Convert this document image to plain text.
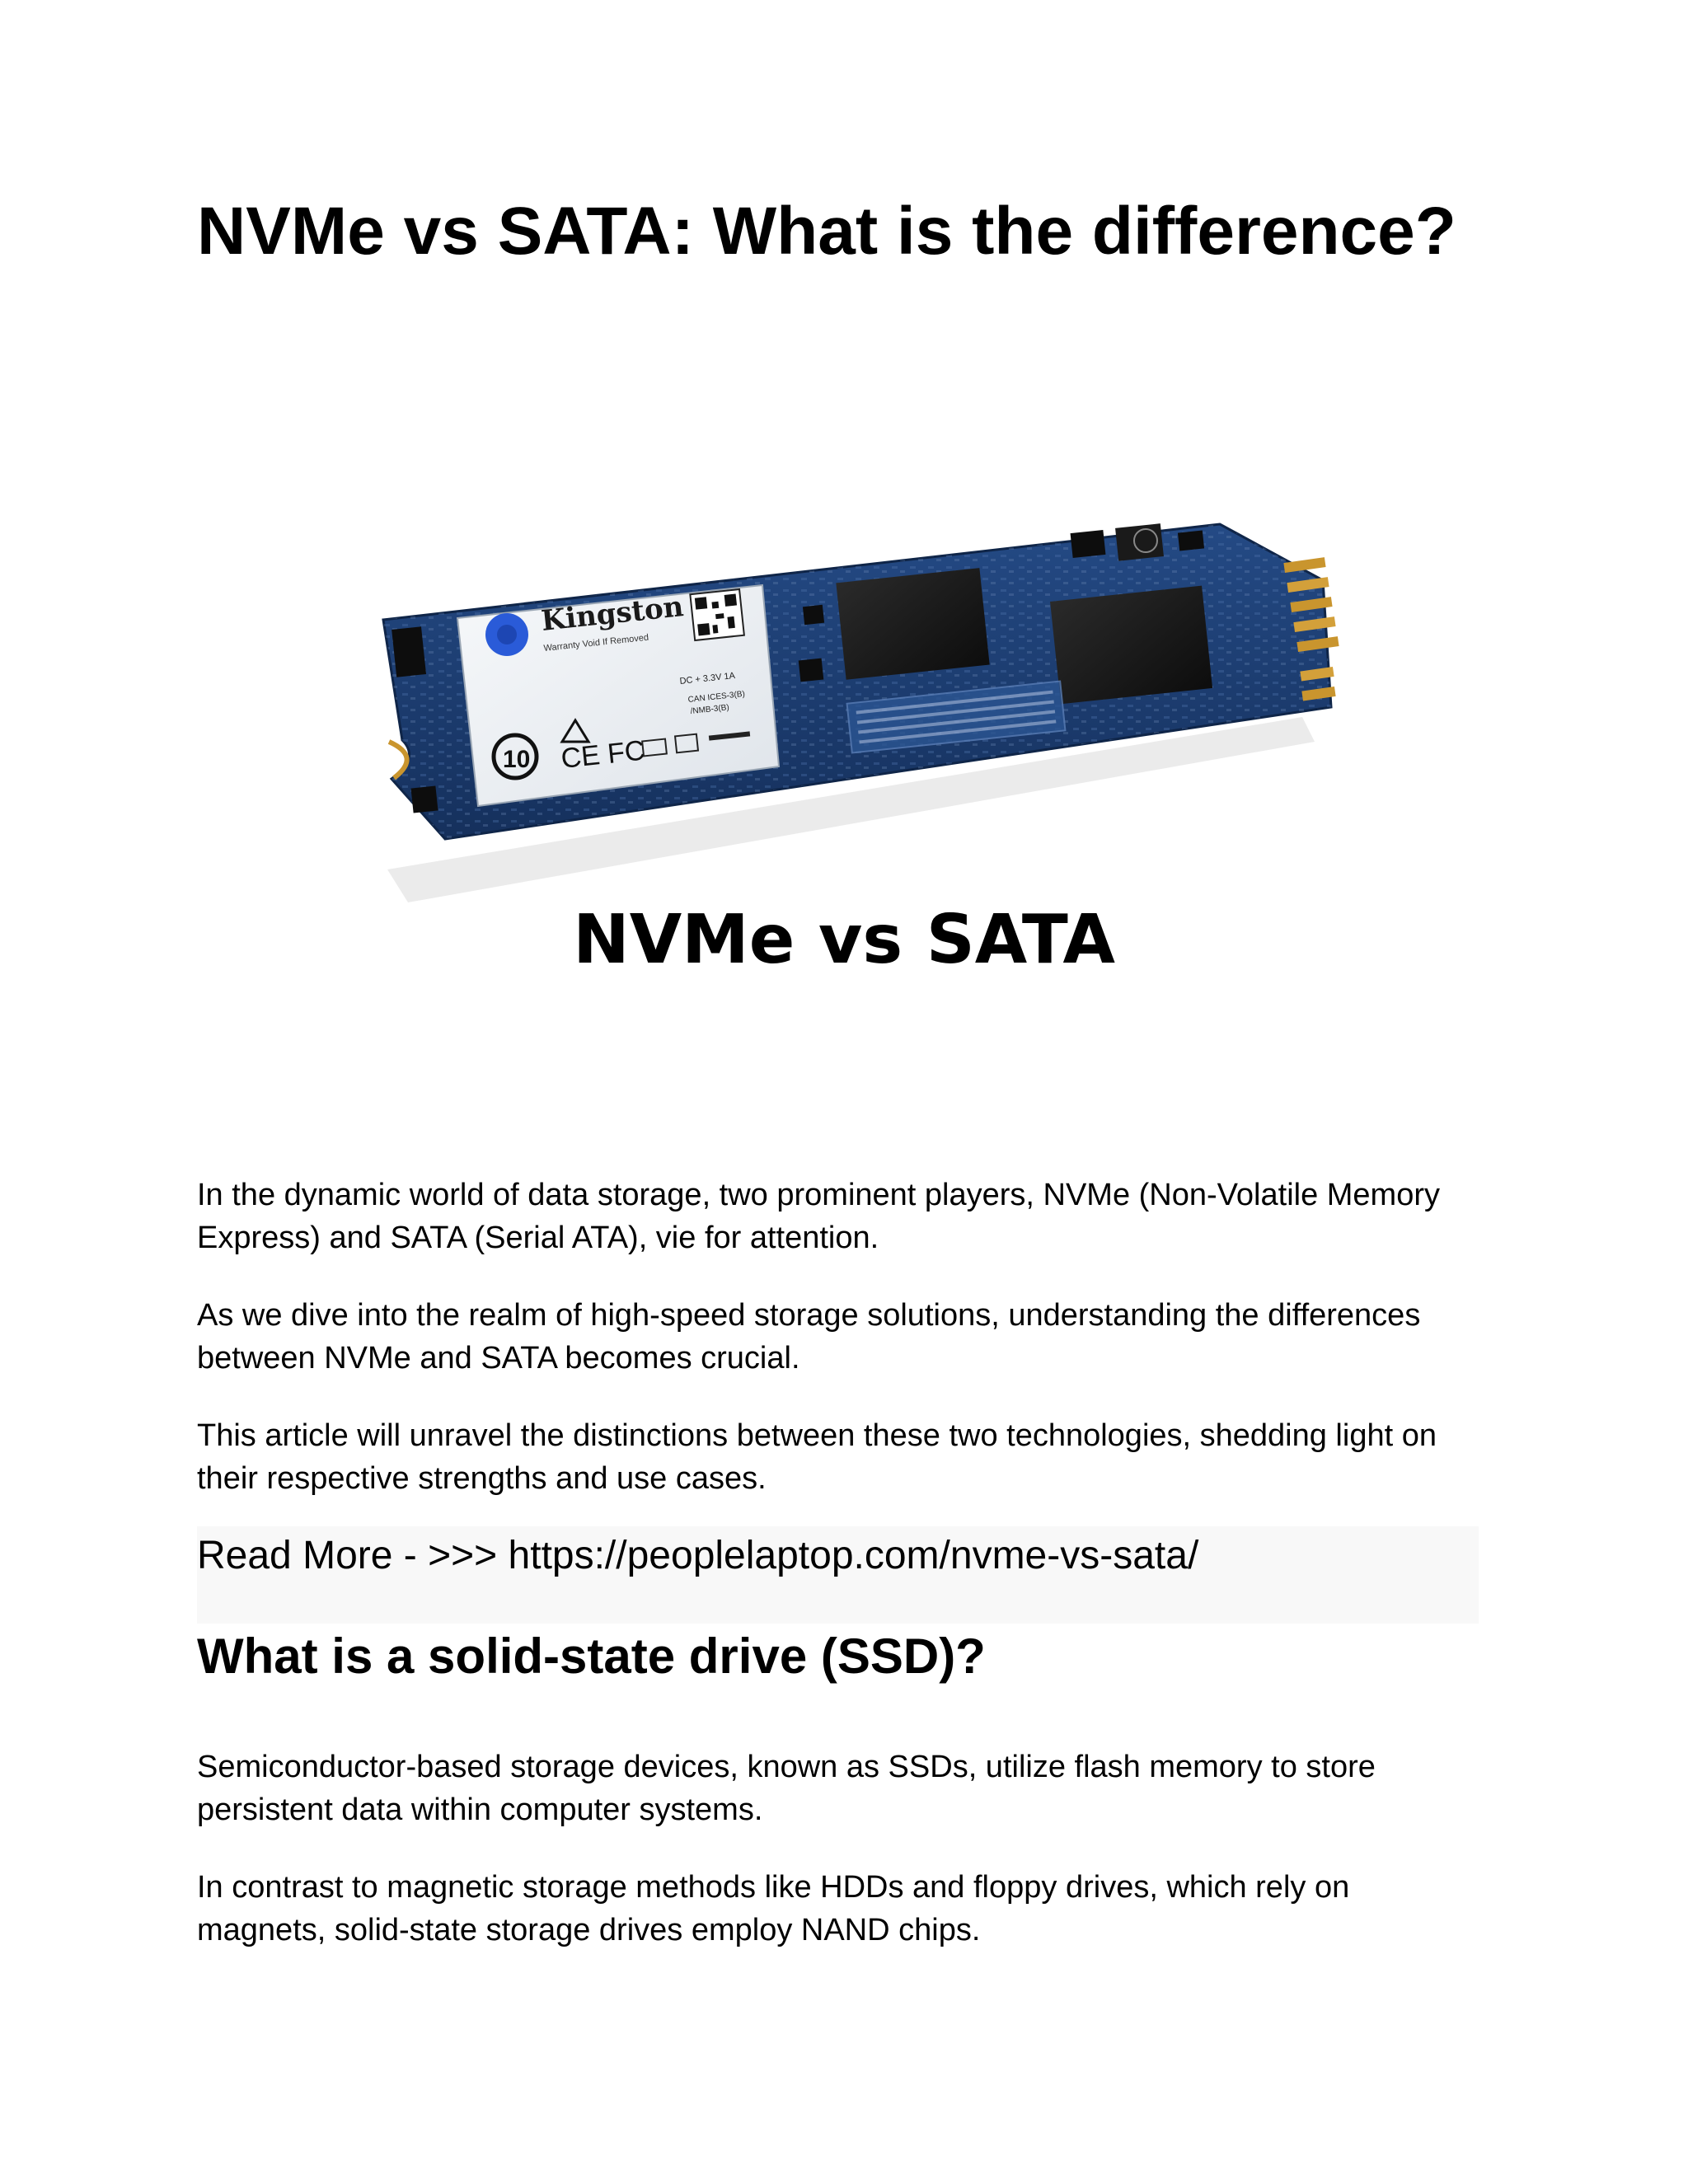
NVMe vs SATA: What is the difference?
Kingston
Warranty Void If Removed
DC + 3.3V 1A
CAN ICES-3(B)
/NMB-3(B)
10 CE FC

NVMe vs SATA

In the dynamic world of data storage, two prominent players, NVMe (Non-Volatile Memory Express) and SATA (Serial ATA), vie for attention.

As we dive into the realm of high-speed storage solutions, understanding the differences between NVMe and SATA becomes crucial.

This article will unravel the distinctions between these two technologies, shedding light on their respective strengths and use cases.

Read More - >>> https://peoplelaptop.com/nvme-vs-sata/
What is a solid-state drive (SSD)?

Semiconductor-based storage devices, known as SSDs, utilize flash memory to store persistent data within computer systems.

In contrast to magnetic storage methods like HDDs and floppy drives, which rely on magnets, solid-state storage drives employ NAND chips.
